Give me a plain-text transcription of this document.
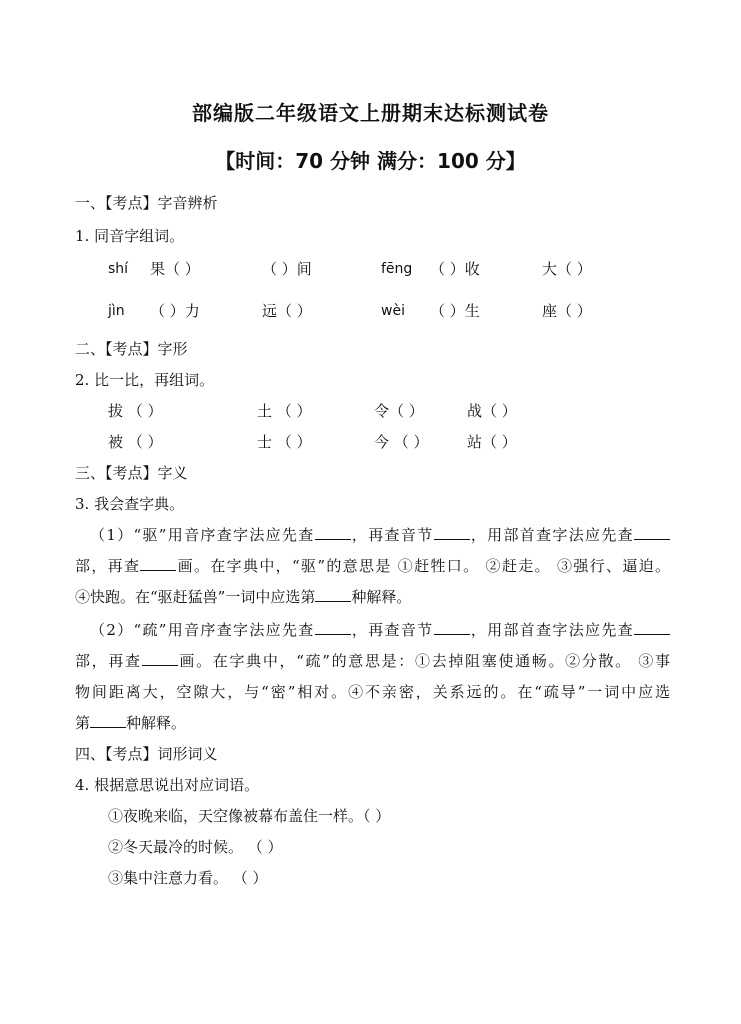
部编版二年级语文上册期末达标测试卷
【时间：70 分钟 满分：100 分】
一、【考点】字音辨析
1. 同音字组词。
shí 果（ ）	（ ）间	fēng （ ）收	大（ ）
jìn （ ）力	远（ ）	wèi （ ）生	座（ ）
二、【考点】字形
2. 比一比，再组词。
拔 （ ）	土 （ ）	令（ ）	战（ ）
被 （ ）	士 （ ）	今 （ ）	站（ ）
三、【考点】字义
3. 我会查字典。
（1）“驱”用音序查字法应先查 ，再查音节 ，用部首查字法应先查
部，再查 画。在字典中，“驱”的意思是 ①赶牲口。 ②赶走。 ③强行、逼迫。
④快跑。在“驱赶猛兽”一词中应选第 种解释。
（2）“疏”用音序查字法应先查 ，再查音节 ，用部首查字法应先查
部，再查 画。在字典中，“疏”的意思是：①去掉阻塞使通畅。②分散。 ③事
物间距离大，空隙大，与“密”相对。④不亲密，关系远的。在“疏导”一词中应选
第 种解释。
四、【考点】词形词义
4. 根据意思说出对应词语。
①夜晚来临，天空像被幕布盖住一样。（ ）
②冬天最冷的时候。 （ ）
③集中注意力看。 （ ）
